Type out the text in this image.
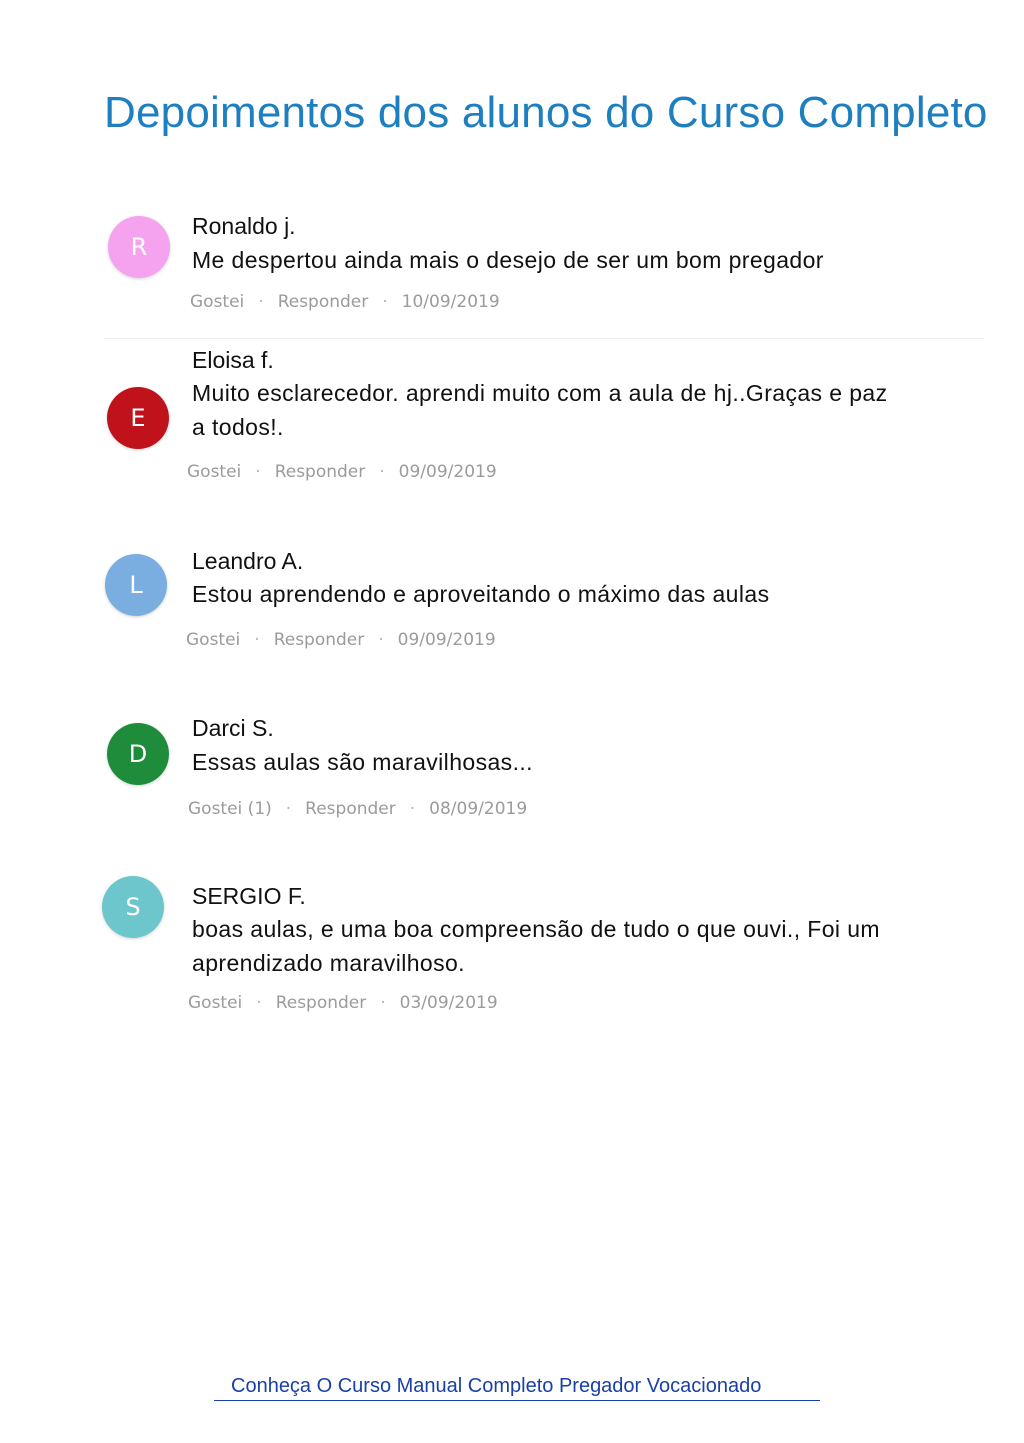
Depoimentos dos alunos do Curso Completo
R
Ronaldo j.
Me despertou ainda mais o desejo de ser um bom pregador
Gostei · Responder · 10/09/2019
E
Eloisa f.
Muito esclarecedor. aprendi muito com a aula de hj..Graças e paz a todos!.
Gostei · Responder · 09/09/2019
L
Leandro A.
Estou aprendendo e aproveitando o máximo das aulas
Gostei · Responder · 09/09/2019
D
Darci S.
Essas aulas são maravilhosas...
Gostei (1) · Responder · 08/09/2019
S	SERGIO F.
boas aulas, e uma boa compreensão de tudo o que ouvi., Foi um aprendizado maravilhoso.
Gostei · Responder · 03/09/2019
Conheça O Curso Manual Completo Pregador Vocacionado
